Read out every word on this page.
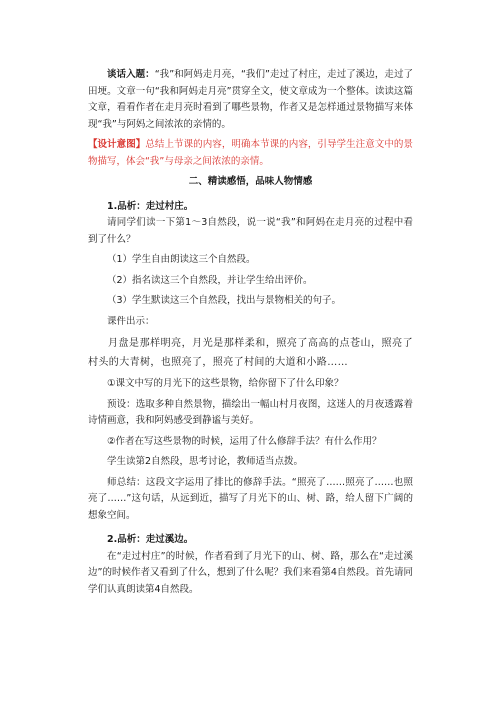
谈话入题：“我”和阿妈走月亮，“我们”走过了村庄，走过了溪边，走过了田埂。文章一句“我和阿妈走月亮”贯穿全文，使文章成为一个整体。读读这篇文章，看看作者在走月亮时看到了哪些景物，作者又是怎样通过景物描写来体现“我”与阿妈之间浓浓的亲情的。

【设计意图】总结上节课的内容，明确本节课的内容，引导学生注意文中的景物描写，体会“我”与母亲之间浓浓的亲情。

二、精读感悟，品味人物情感

1.品析：走过村庄。

请同学们读一下第1～3自然段，说一说“我”和阿妈在走月亮的过程中看到了什么？

（1）学生自由朗读这三个自然段。

（2）指名读这三个自然段，并让学生给出评价。

（3）学生默读这三个自然段，找出与景物相关的句子。

课件出示：

月盘是那样明亮，月光是那样柔和，照亮了高高的点苍山，照亮了村头的大青树，也照亮了，照亮了村间的大道和小路……

①课文中写的月光下的这些景物，给你留下了什么印象？

预设：选取多种自然景物，描绘出一幅山村月夜图，这迷人的月夜透露着诗情画意，我和阿妈感受到静谧与美好。

②作者在写这些景物的时候，运用了什么修辞手法？有什么作用？

学生读第2自然段，思考讨论，教师适当点拨。

师总结：这段文字运用了排比的修辞手法。“照亮了……照亮了……也照亮了……”这句话，从远到近，描写了月光下的山、树、路，给人留下广阔的想象空间。

2.品析：走过溪边。

在“走过村庄”的时候，作者看到了月光下的山、树、路，那么在“走过溪边”的时候作者又看到了什么，想到了什么呢？我们来看第4自然段。首先请同学们认真朗读第4自然段。
